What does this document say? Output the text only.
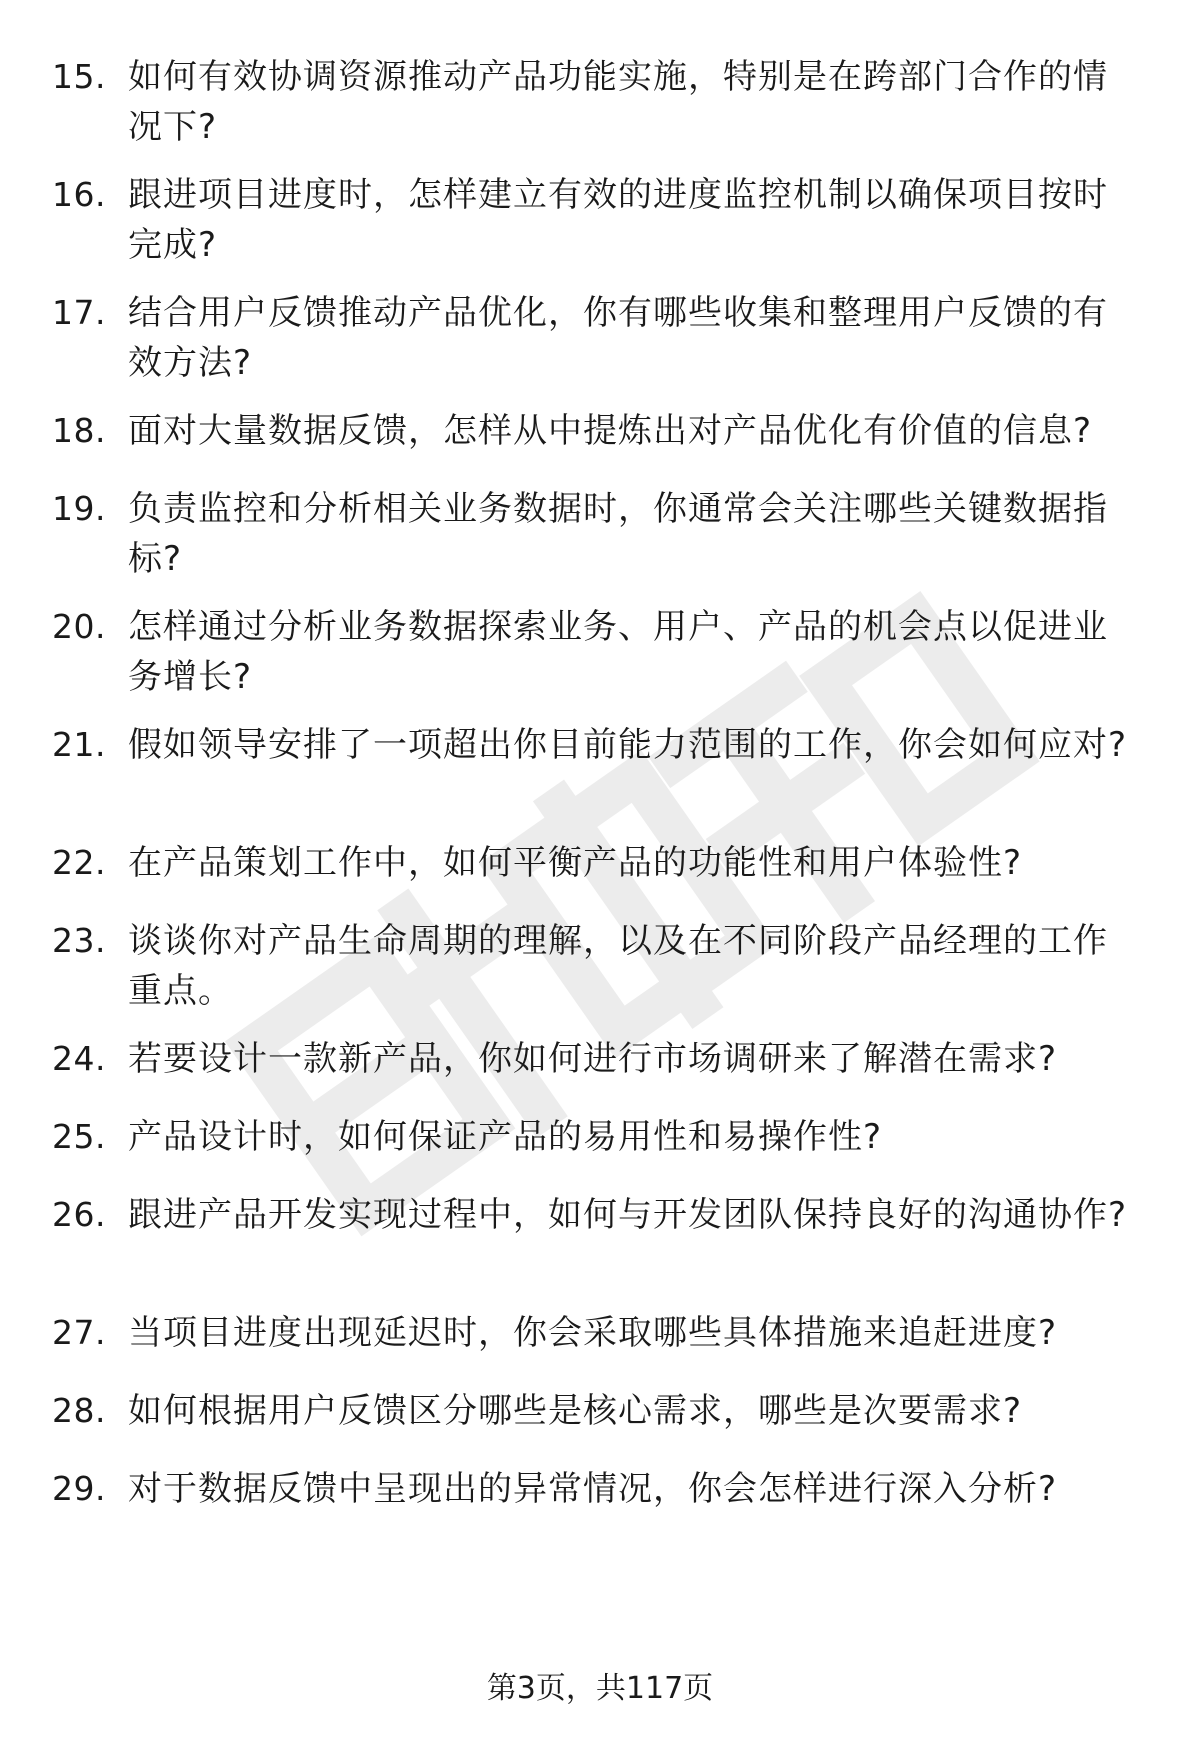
15. 如何有效协调资源推动产品功能实施，特别是在跨部门合作的情况下?
16. 跟进项目进度时，怎样建立有效的进度监控机制以确保项目按时完成?
17. 结合用户反馈推动产品优化，你有哪些收集和整理用户反馈的有效方法?
18. 面对大量数据反馈，怎样从中提炼出对产品优化有价值的信息?
19. 负责监控和分析相关业务数据时，你通常会关注哪些关键数据指标?
20. 怎样通过分析业务数据探索业务、用户、产品的机会点以促进业务增长?
21. 假如领导安排了一项超出你目前能力范围的工作，你会如何应对?
22. 在产品策划工作中，如何平衡产品的功能性和用户体验性?
23. 谈谈你对产品生命周期的理解，以及在不同阶段产品经理的工作重点。
24. 若要设计一款新产品，你如何进行市场调研来了解潜在需求?
25. 产品设计时，如何保证产品的易用性和易操作性?
26. 跟进产品开发实现过程中，如何与开发团队保持良好的沟通协作?
27. 当项目进度出现延迟时，你会采取哪些具体措施来追赶进度?
28. 如何根据用户反馈区分哪些是核心需求，哪些是次要需求?
29. 对于数据反馈中呈现出的异常情况，你会怎样进行深入分析?
第3页，共117页
